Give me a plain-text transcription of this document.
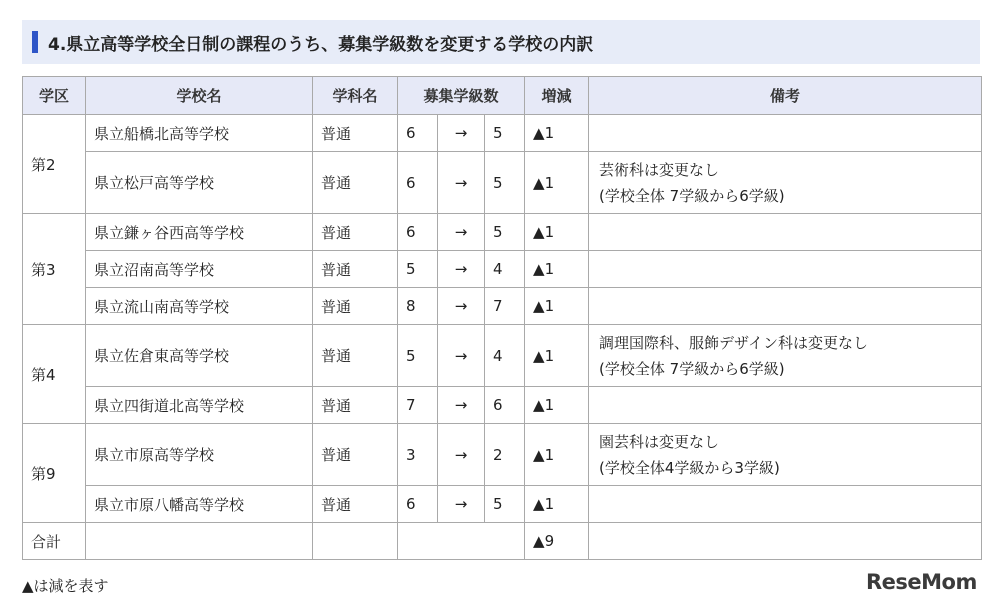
4.県立高等学校全日制の課程のうち、募集学級数を変更する学校の内訳
学区	学校名	学科名	募集学級数			増減	備考
第2	県立船橋北高等学校	普通	6	→	5	▲1	
	県立松戸高等学校	普通	6	→	5	▲1	芸術科は変更なし
(学校全体 7学級から6学級)

第3	県立鎌ヶ谷西高等学校	普通	6	→	5	▲1	
	県立沼南高等学校	普通	5	→	4	▲1	
	県立流山南高等学校	普通	8	→	7	▲1	
第4	県立佐倉東高等学校	普通	5	→	4	▲1	調理国際科、服飾デザイン科は変更なし
(学校全体 7学級から6学級)

	県立四街道北高等学校	普通	7	→	6	▲1	
第9	県立市原高等学校	普通	3	→	2	▲1	園芸科は変更なし
(学校全体4学級から3学級)

	県立市原八幡高等学校	普通	6	→	5	▲1	
合計						▲9	
▲は減を表す	ReseMom
